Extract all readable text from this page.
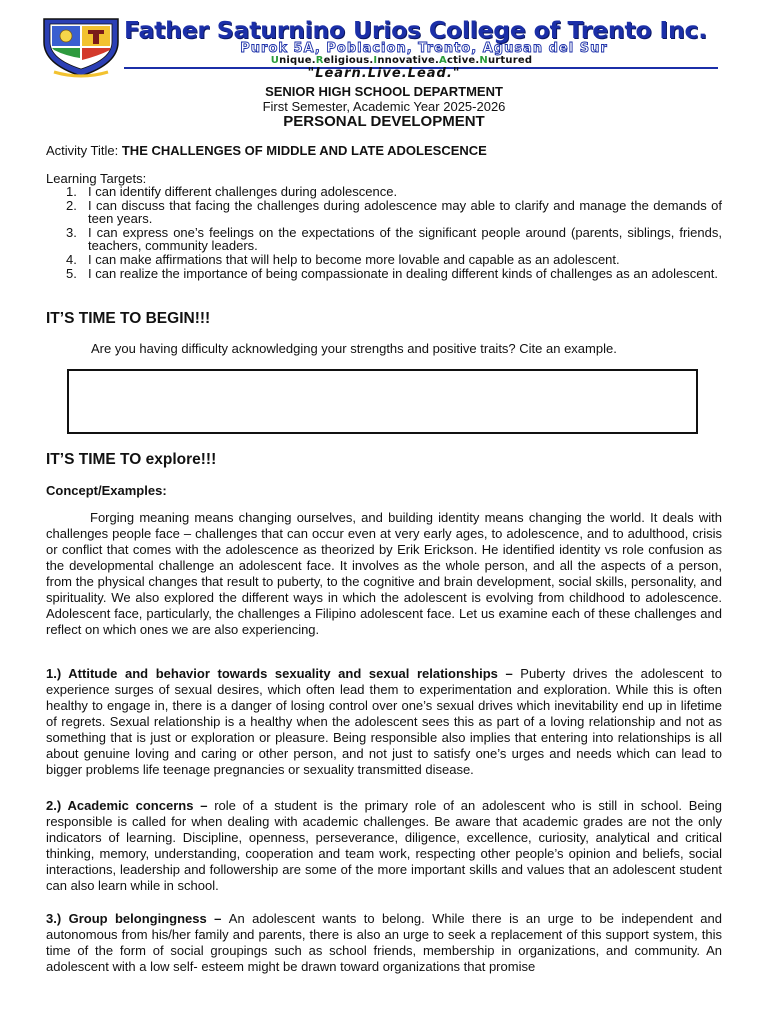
Father Saturnino Urios College of Trento Inc.
Purok 5A, Poblacion, Trento, Agusan del Sur
Unique.Religious.Innovative.Active.Nurtured
"Learn.Live.Lead."
SENIOR HIGH SCHOOL DEPARTMENT
First Semester, Academic Year 2025-2026
PERSONAL DEVELOPMENT
Activity Title: THE CHALLENGES OF MIDDLE AND LATE ADOLESCENCE
Learning Targets:
1. I can identify different challenges during adolescence.
2. I can discuss that facing the challenges during adolescence may able to clarify and manage the demands of teen years.
3. I can express one’s feelings on the expectations of the significant people around (parents, siblings, friends, teachers, community leaders.
4. I can make affirmations that will help to become more lovable and capable as an adolescent.
5. I can realize the importance of being compassionate in dealing different kinds of challenges as an adolescent.
IT’S TIME TO BEGIN!!!
Are you having difficulty acknowledging your strengths and positive traits? Cite an example.
IT’S TIME TO explore!!!
Concept/Examples:

Forging meaning means changing ourselves, and building identity means changing the world. It deals with challenges people face – challenges that can occur even at very early ages, to adolescence, and to adulthood, crisis or conflict that comes with the adolescence as theorized by Erik Erickson. He identified identity vs role confusion as the developmental challenge an adolescent face. It involves as the whole person, and all the aspects of a person, from the physical changes that result to puberty, to the cognitive and brain development, social skills, personality, and spirituality. We also explored the different ways in which the adolescent is evolving from childhood to adolescence. Adolescent face, particularly, the challenges a Filipino adolescent face. Let us examine each of these challenges and reflect on which ones we are also experiencing.

1.) Attitude and behavior towards sexuality and sexual relationships – Puberty drives the adolescent to experience surges of sexual desires, which often lead them to experimentation and exploration. While this is often healthy to engage in, there is a danger of losing control over one’s sexual drives which inevitability end up in lifetime of regrets. Sexual relationship is a healthy when the adolescent sees this as part of a loving relationship and not as something that is just or exploration or pleasure. Being responsible also implies that entering into relationships is all about genuine loving and caring or other person, and not just to satisfy one’s urges and needs which can lead to bigger problems life teenage pregnancies or sexuality transmitted disease.

2.) Academic concerns – role of a student is the primary role of an adolescent who is still in school. Being responsible is called for when dealing with academic challenges. Be aware that academic grades are not the only indicators of learning. Discipline, openness, perseverance, diligence, excellence, curiosity, analytical and critical thinking, memory, understanding, cooperation and team work, respecting other people’s opinion and beliefs, social interactions, leadership and followership are some of the more important skills and values that an adolescent student can also learn while in school.

3.) Group belongingness – An adolescent wants to belong. While there is an urge to be independent and autonomous from his/her family and parents, there is also an urge to seek a replacement of this support system, this time of the form of social groupings such as school friends, membership in organizations, and community. An adolescent with a low self- esteem might be drawn toward organizations that promise
